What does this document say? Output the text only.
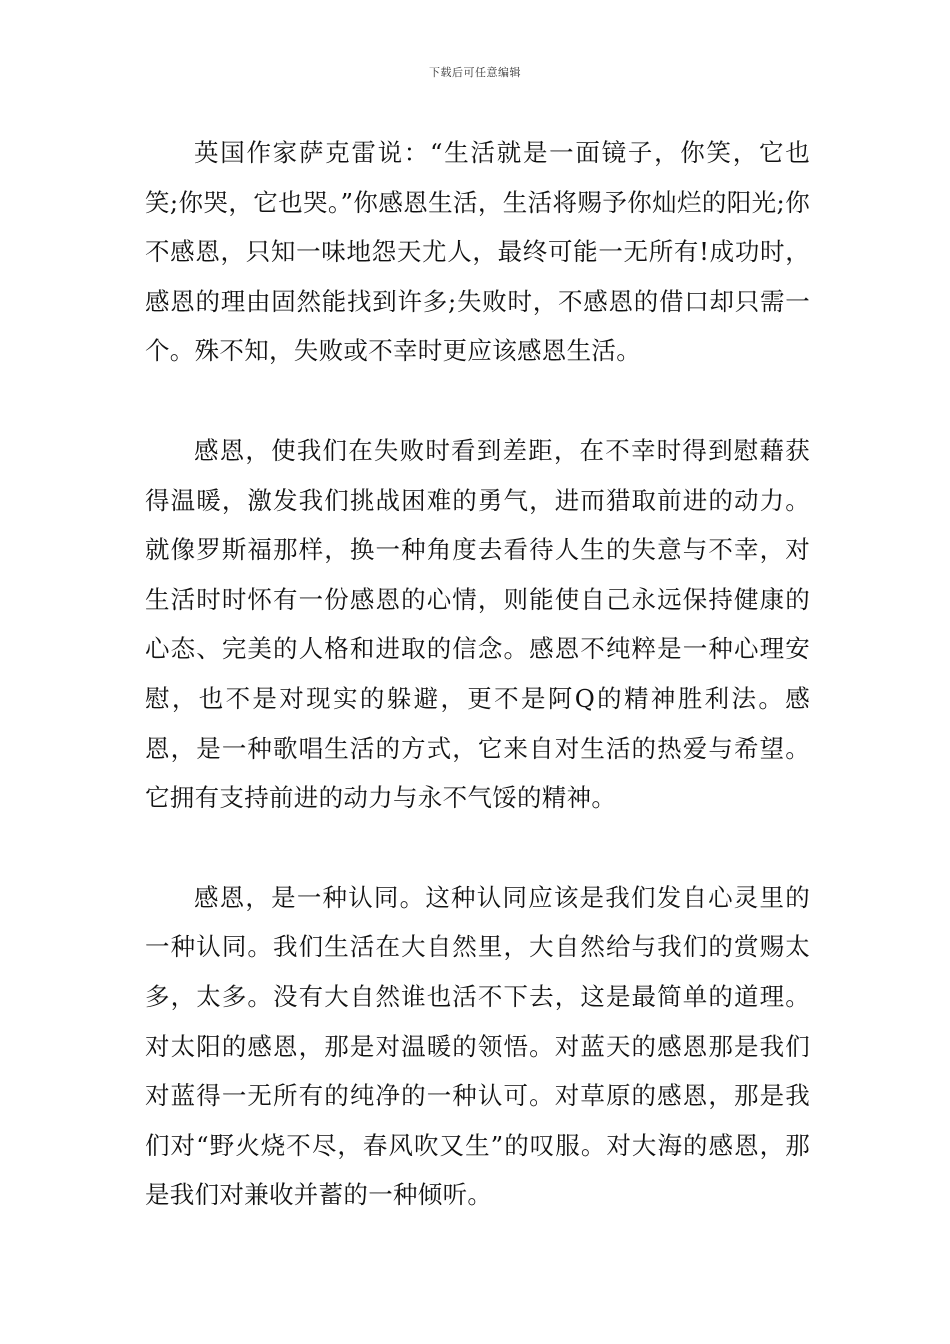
下载后可任意编辑

英国作家萨克雷说：“生活就是一面镜子，你笑，它也笑;你哭，它也哭。”你感恩生活，生活将赐予你灿烂的阳光;你不感恩，只知一味地怨天尤人，最终可能一无所有!成功时，感恩的理由固然能找到许多;失败时，不感恩的借口却只需一个。殊不知，失败或不幸时更应该感恩生活。

感恩，使我们在失败时看到差距，在不幸时得到慰藉获得温暖，激发我们挑战困难的勇气，进而猎取前进的动力。就像罗斯福那样，换一种角度去看待人生的失意与不幸，对生活时时怀有一份感恩的心情，则能使自己永远保持健康的心态、完美的人格和进取的信念。感恩不纯粹是一种心理安慰，也不是对现实的躲避，更不是阿Q的精神胜利法。感恩，是一种歌唱生活的方式，它来自对生活的热爱与希望。它拥有支持前进的动力与永不气馁的精神。

感恩，是一种认同。这种认同应该是我们发自心灵里的一种认同。我们生活在大自然里，大自然给与我们的赏赐太多，太多。没有大自然谁也活不下去，这是最简单的道理。对太阳的感恩，那是对温暖的领悟。对蓝天的感恩那是我们对蓝得一无所有的纯净的一种认可。对草原的感恩，那是我们对“野火烧不尽，春风吹又生”的叹服。对大海的感恩，那是我们对兼收并蓄的一种倾听。
